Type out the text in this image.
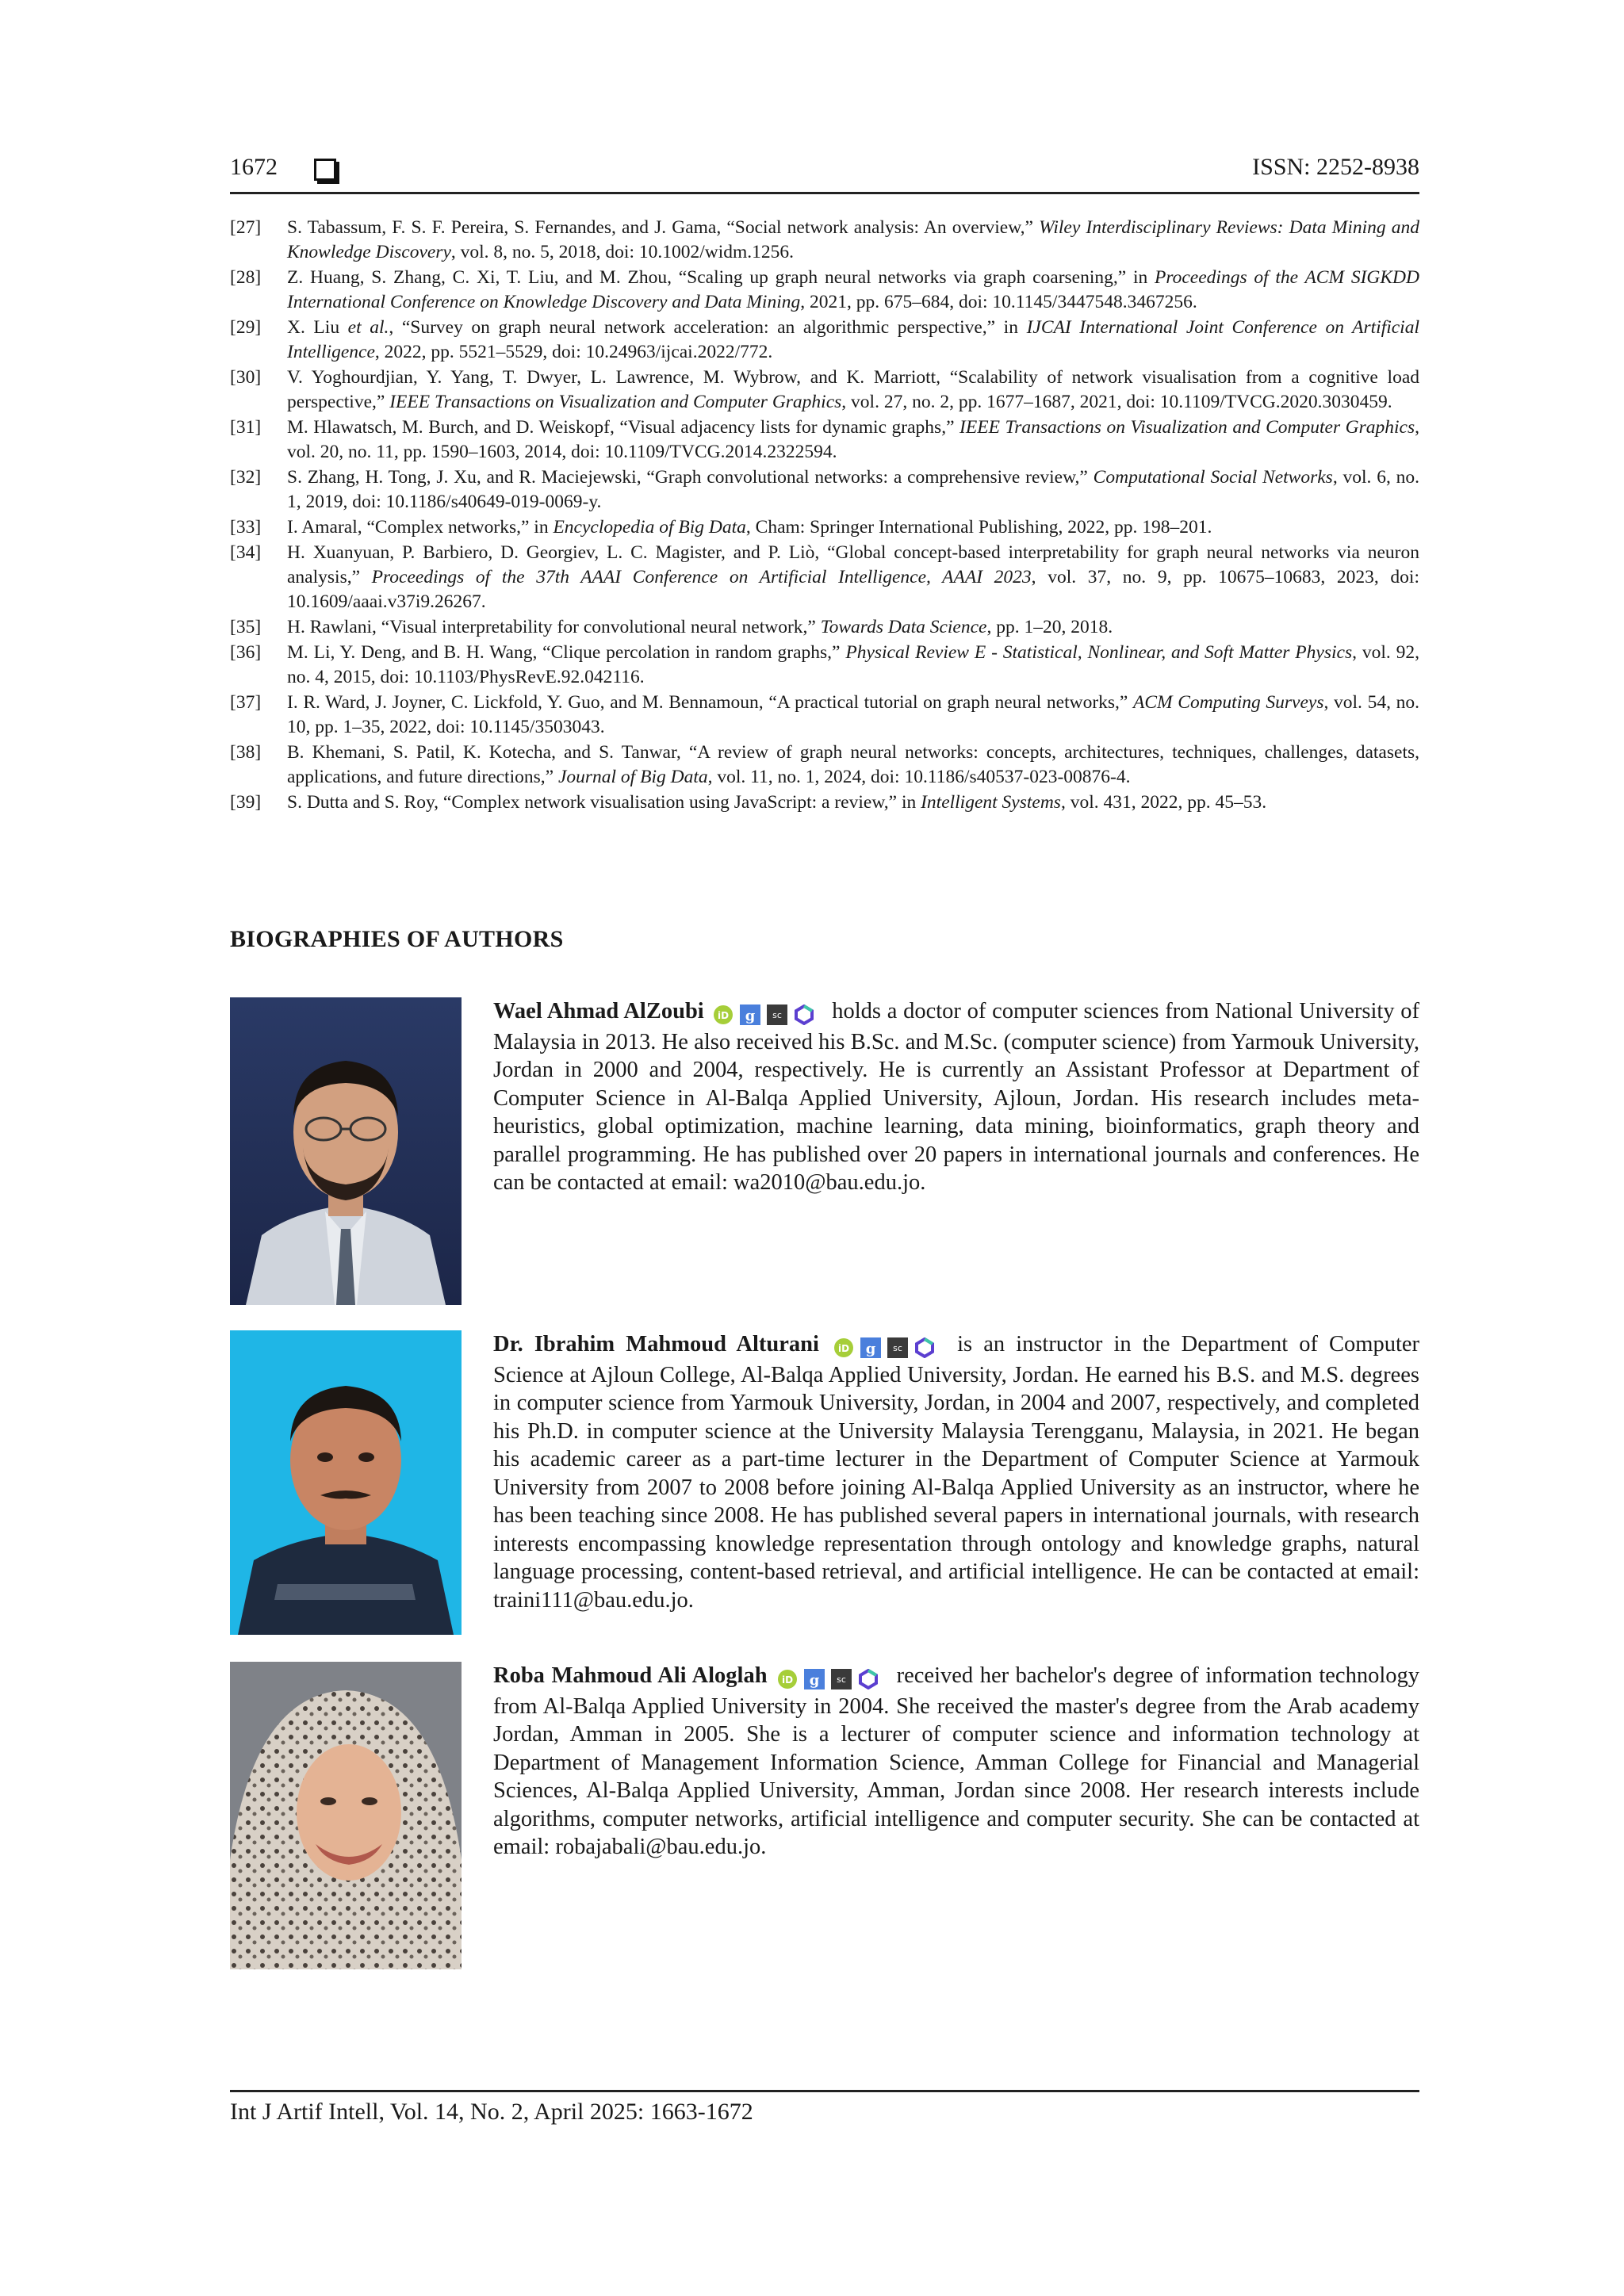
1672	ISSN: 2252-8938
[27]	S. Tabassum, F. S. F. Pereira, S. Fernandes, and J. Gama, “Social network analysis: An overview,” Wiley Interdisciplinary Reviews: Data Mining and Knowledge Discovery, vol. 8, no. 5, 2018, doi: 10.1002/widm.1256.
[28]	Z. Huang, S. Zhang, C. Xi, T. Liu, and M. Zhou, “Scaling up graph neural networks via graph coarsening,” in Proceedings of the ACM SIGKDD International Conference on Knowledge Discovery and Data Mining, 2021, pp. 675–684, doi: 10.1145/3447548.3467256.
[29]	X. Liu et al., “Survey on graph neural network acceleration: an algorithmic perspective,” in IJCAI International Joint Conference on Artificial Intelligence, 2022, pp. 5521–5529, doi: 10.24963/ijcai.2022/772.
[30]	V. Yoghourdjian, Y. Yang, T. Dwyer, L. Lawrence, M. Wybrow, and K. Marriott, “Scalability of network visualisation from a cognitive load perspective,” IEEE Transactions on Visualization and Computer Graphics, vol. 27, no. 2, pp. 1677–1687, 2021, doi: 10.1109/TVCG.2020.3030459.
[31]	M. Hlawatsch, M. Burch, and D. Weiskopf, “Visual adjacency lists for dynamic graphs,” IEEE Transactions on Visualization and Computer Graphics, vol. 20, no. 11, pp. 1590–1603, 2014, doi: 10.1109/TVCG.2014.2322594.
[32]	S. Zhang, H. Tong, J. Xu, and R. Maciejewski, “Graph convolutional networks: a comprehensive review,” Computational Social Networks, vol. 6, no. 1, 2019, doi: 10.1186/s40649-019-0069-y.
[33]	I. Amaral, “Complex networks,” in Encyclopedia of Big Data, Cham: Springer International Publishing, 2022, pp. 198–201.
[34]	H. Xuanyuan, P. Barbiero, D. Georgiev, L. C. Magister, and P. Liò, “Global concept-based interpretability for graph neural networks via neuron analysis,” Proceedings of the 37th AAAI Conference on Artificial Intelligence, AAAI 2023, vol. 37, no. 9, pp. 10675–10683, 2023, doi: 10.1609/aaai.v37i9.26267.
[35]	H. Rawlani, “Visual interpretability for convolutional neural network,” Towards Data Science, pp. 1–20, 2018.
[36]	M. Li, Y. Deng, and B. H. Wang, “Clique percolation in random graphs,” Physical Review E - Statistical, Nonlinear, and Soft Matter Physics, vol. 92, no. 4, 2015, doi: 10.1103/PhysRevE.92.042116.
[37]	I. R. Ward, J. Joyner, C. Lickfold, Y. Guo, and M. Bennamoun, “A practical tutorial on graph neural networks,” ACM Computing Surveys, vol. 54, no. 10, pp. 1–35, 2022, doi: 10.1145/3503043.
[38]	B. Khemani, S. Patil, K. Kotecha, and S. Tanwar, “A review of graph neural networks: concepts, architectures, techniques, challenges, datasets, applications, and future directions,” Journal of Big Data, vol. 11, no. 1, 2024, doi: 10.1186/s40537-023-00876-4.
[39]	S. Dutta and S. Roy, “Complex network visualisation using JavaScript: a review,” in Intelligent Systems, vol. 431, 2022, pp. 45–53.
BIOGRAPHIES OF AUTHORS
Wael Ahmad AlZoubi iD g sc holds a doctor of computer sciences from National University of Malaysia in 2013. He also received his B.Sc. and M.Sc. (computer science) from Yarmouk University, Jordan in 2000 and 2004, respectively. He is currently an Assistant Professor at Department of Computer Science in Al-Balqa Applied University, Ajloun, Jordan. His research includes meta-heuristics, global optimization, machine learning, data mining, bioinformatics, graph theory and parallel programming. He has published over 20 papers in international journals and conferences. He can be contacted at email: wa2010@bau.edu.jo.
Dr. Ibrahim Mahmoud Alturani iD g sc is an instructor in the Department of Computer Science at Ajloun College, Al-Balqa Applied University, Jordan. He earned his B.S. and M.S. degrees in computer science from Yarmouk University, Jordan, in 2004 and 2007, respectively, and completed his Ph.D. in computer science at the University Malaysia Terengganu, Malaysia, in 2021. He began his academic career as a part-time lecturer in the Department of Computer Science at Yarmouk University from 2007 to 2008 before joining Al-Balqa Applied University as an instructor, where he has been teaching since 2008. He has published several papers in international journals, with research interests encompassing knowledge representation through ontology and knowledge graphs, natural language processing, content-based retrieval, and artificial intelligence. He can be contacted at email: traini111@bau.edu.jo.
Roba Mahmoud Ali Aloglah iD g sc received her bachelor's degree of information technology from Al-Balqa Applied University in 2004. She received the master's degree from the Arab academy Jordan, Amman in 2005. She is a lecturer of computer science and information technology at Department of Management Information Science, Amman College for Financial and Managerial Sciences, Al-Balqa Applied University, Amman, Jordan since 2008. Her research interests include algorithms, computer networks, artificial intelligence and computer security. She can be contacted at email: robajabali@bau.edu.jo.
Int J Artif Intell, Vol. 14, No. 2, April 2025: 1663-1672
